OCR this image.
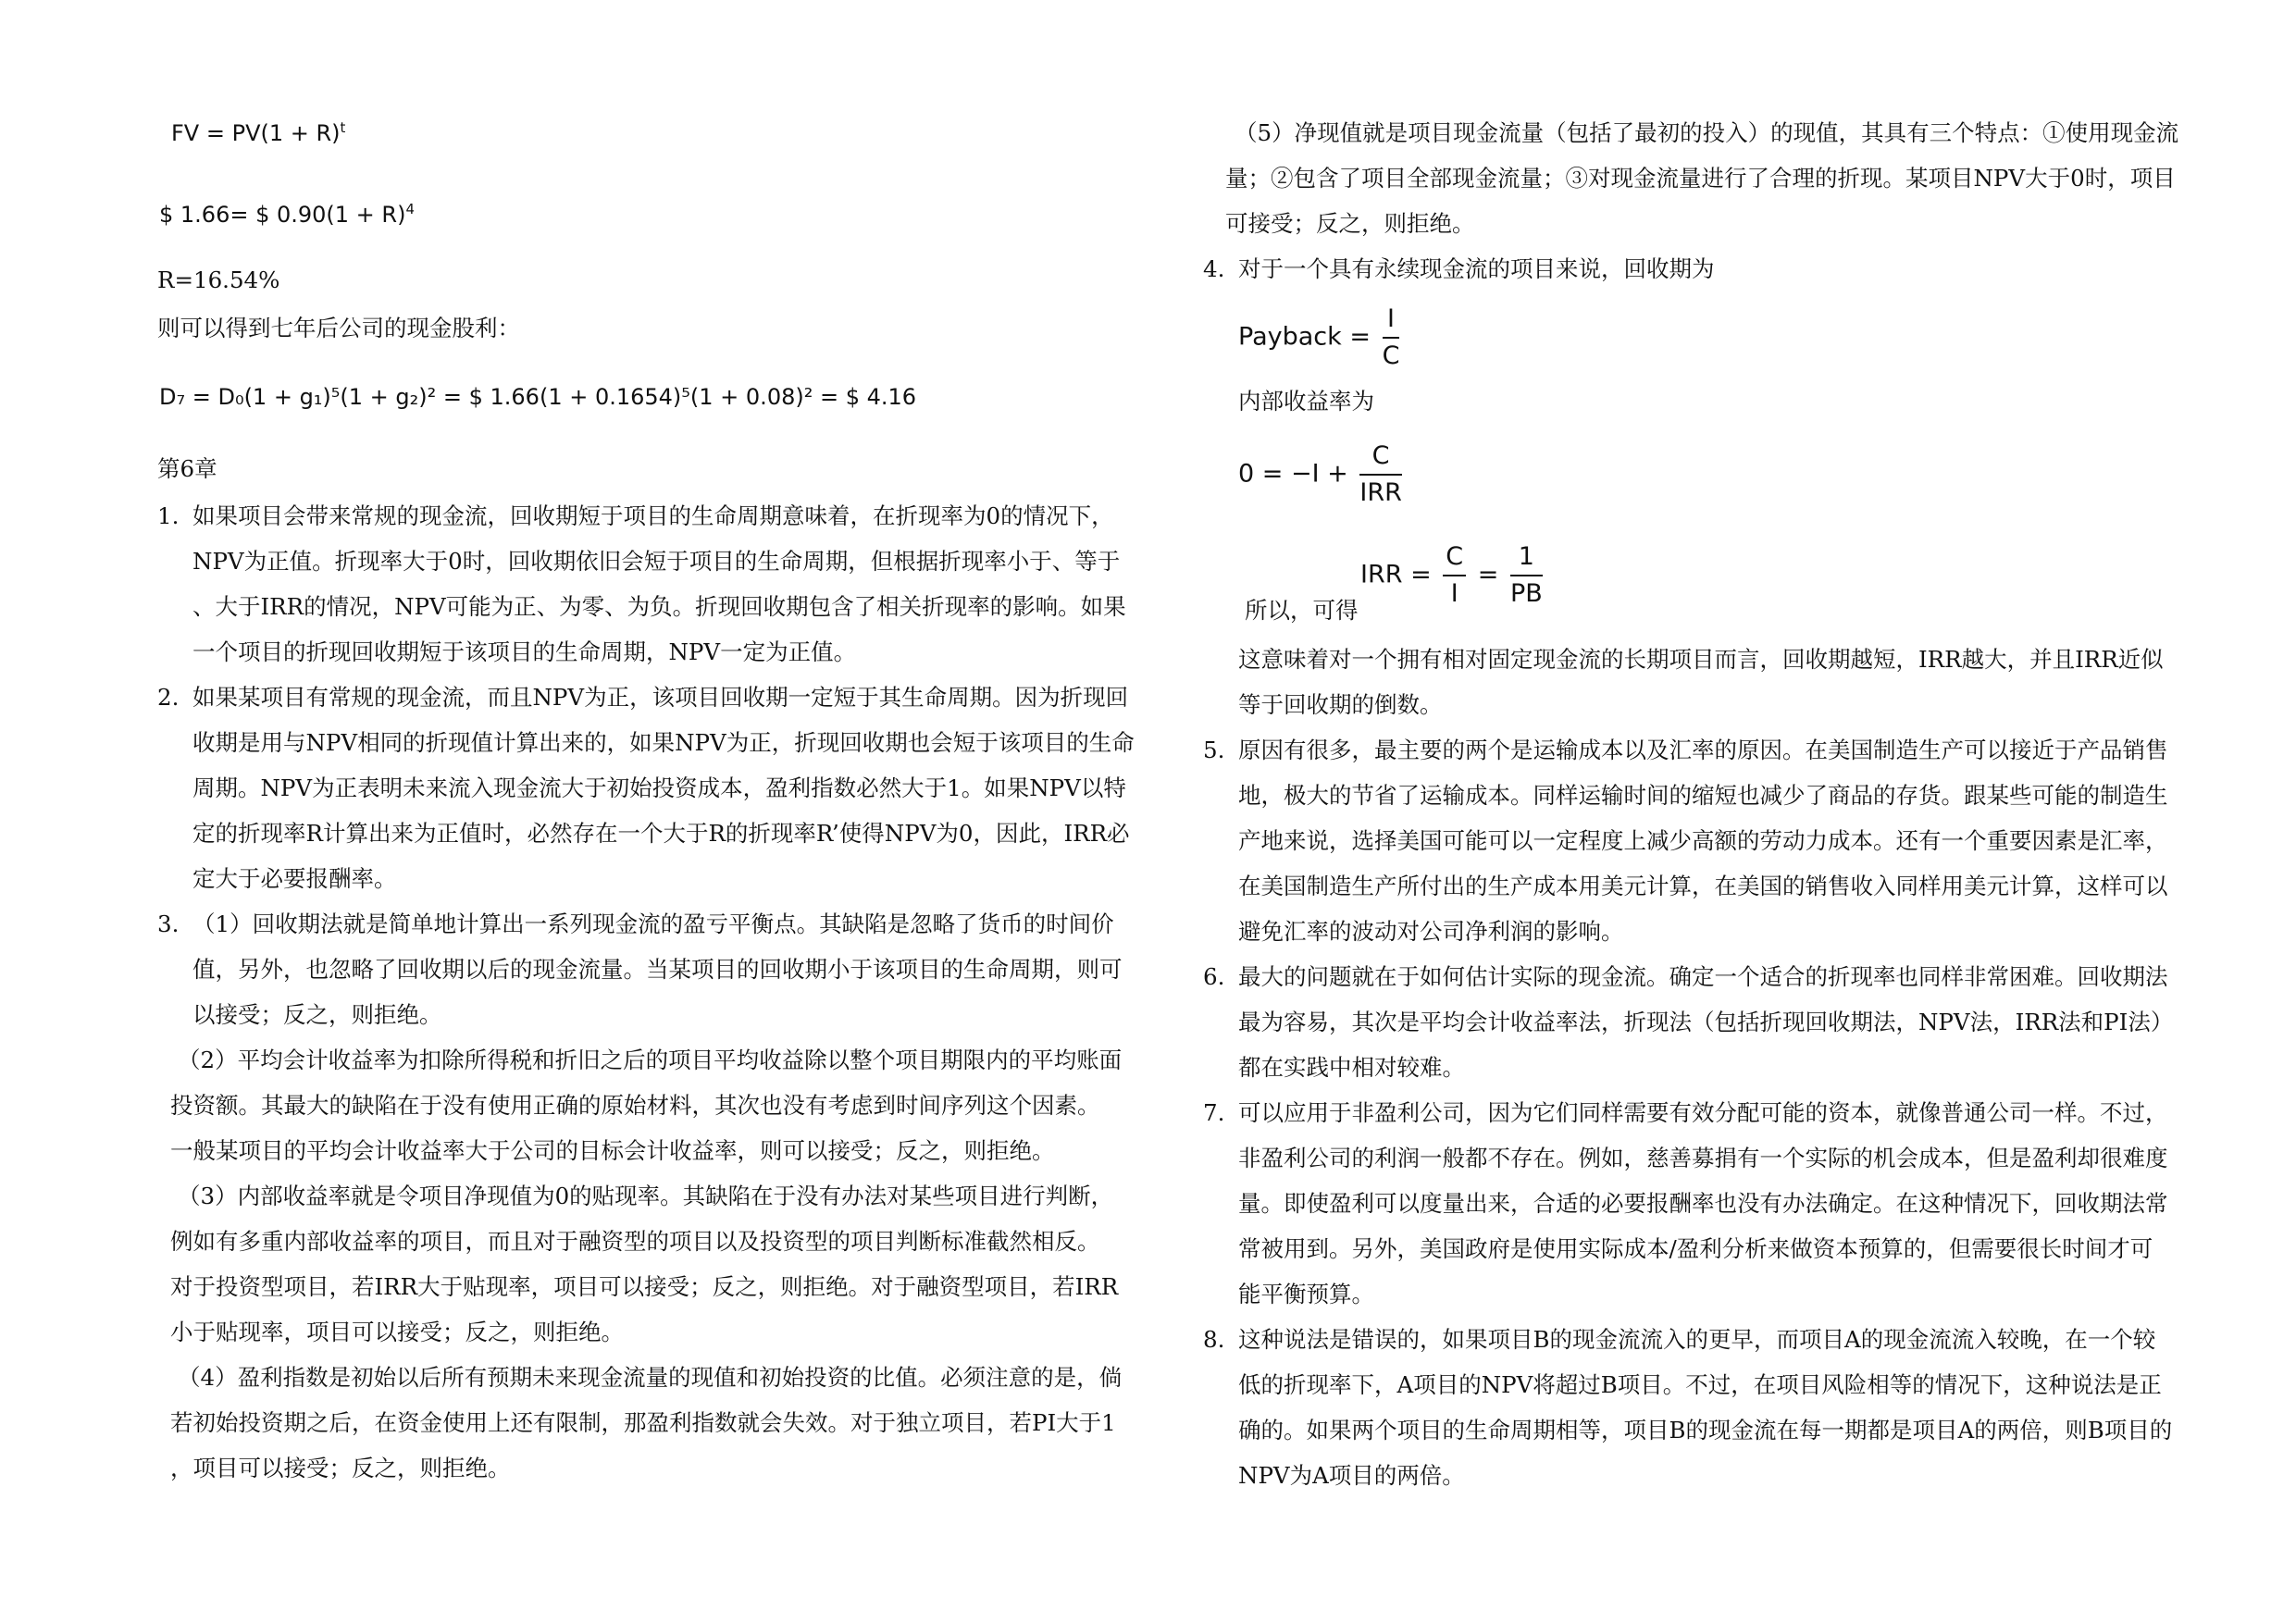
FV = $PV(1 + R)^t$
$ 1.66= $ $0.90(1 + R)^4$
R=16.54%
则可以得到七年后公司的现金股利：
D₇ = D₀(1 + g₁)⁵(1 + g₂)² = $ 1.66(1 + 0.1654)⁵(1 + 0.08)² = $ 4.16
第6章
1. 如果项目会带来常规的现金流，回收期短于项目的生命周期意味着，在折现率为0的情况下，
NPV为正值。折现率大于0时，回收期依旧会短于项目的生命周期，但根据折现率小于、等于
、大于IRR的情况，NPV可能为正、为零、为负。折现回收期包含了相关折现率的影响。如果
一个项目的折现回收期短于该项目的生命周期，NPV一定为正值。
2. 如果某项目有常规的现金流，而且NPV为正，该项目回收期一定短于其生命周期。因为折现回
收期是用与NPV相同的折现值计算出来的，如果NPV为正，折现回收期也会短于该项目的生命
周期。NPV为正表明未来流入现金流大于初始投资成本，盈利指数必然大于1。如果NPV以特
定的折现率R计算出来为正值时，必然存在一个大于R的折现率R’使得NPV为0，因此，IRR必
定大于必要报酬率。
3. （1）回收期法就是简单地计算出一系列现金流的盈亏平衡点。其缺陷是忽略了货币的时间价
值，另外，也忽略了回收期以后的现金流量。当某项目的回收期小于该项目的生命周期，则可
以接受；反之，则拒绝。
（2）平均会计收益率为扣除所得税和折旧之后的项目平均收益除以整个项目期限内的平均账面
投资额。其最大的缺陷在于没有使用正确的原始材料，其次也没有考虑到时间序列这个因素。
一般某项目的平均会计收益率大于公司的目标会计收益率，则可以接受；反之，则拒绝。
（3）内部收益率就是令项目净现值为0的贴现率。其缺陷在于没有办法对某些项目进行判断，
例如有多重内部收益率的项目，而且对于融资型的项目以及投资型的项目判断标准截然相反。
对于投资型项目，若IRR大于贴现率，项目可以接受；反之，则拒绝。对于融资型项目，若IRR
小于贴现率，项目可以接受；反之，则拒绝。
（4）盈利指数是初始以后所有预期未来现金流量的现值和初始投资的比值。必须注意的是，倘
若初始投资期之后，在资金使用上还有限制，那盈利指数就会失效。对于独立项目，若PI大于1
，项目可以接受；反之，则拒绝。
（5）净现值就是项目现金流量（包括了最初的投入）的现值，其具有三个特点：①使用现金流
量；②包含了项目全部现金流量；③对现金流量进行了合理的折现。某项目NPV大于0时，项目
可接受；反之，则拒绝。
4. 对于一个具有永续现金流的项目来说，回收期为
Payback = $\frac{I}{C}$
内部收益率为
$0 = -I + \frac{C}{\text{IRR}}$
所以，可得
IRR = $\frac{C}{I} = \frac{1}{PB}$
这意味着对一个拥有相对固定现金流的长期项目而言，回收期越短，IRR越大，并且IRR近似
等于回收期的倒数。
5. 原因有很多，最主要的两个是运输成本以及汇率的原因。在美国制造生产可以接近于产品销售
地，极大的节省了运输成本。同样运输时间的缩短也减少了商品的存货。跟某些可能的制造生
产地来说，选择美国可能可以一定程度上减少高额的劳动力成本。还有一个重要因素是汇率，
在美国制造生产所付出的生产成本用美元计算，在美国的销售收入同样用美元计算，这样可以
避免汇率的波动对公司净利润的影响。
6. 最大的问题就在于如何估计实际的现金流。确定一个适合的折现率也同样非常困难。回收期法
最为容易，其次是平均会计收益率法，折现法（包括折现回收期法，NPV法，IRR法和PI法）
都在实践中相对较难。
7. 可以应用于非盈利公司，因为它们同样需要有效分配可能的资本，就像普通公司一样。不过，
非盈利公司的利润一般都不存在。例如，慈善募捐有一个实际的机会成本，但是盈利却很难度
量。即使盈利可以度量出来，合适的必要报酬率也没有办法确定。在这种情况下，回收期法常
常被用到。另外，美国政府是使用实际成本/盈利分析来做资本预算的，但需要很长时间才可
能平衡预算。
8. 这种说法是错误的，如果项目B的现金流流入的更早，而项目A的现金流流入较晚，在一个较
低的折现率下，A项目的NPV将超过B项目。不过，在项目风险相等的情况下，这种说法是正
确的。如果两个项目的生命周期相等，项目B的现金流在每一期都是项目A的两倍，则B项目的
NPV为A项目的两倍。
